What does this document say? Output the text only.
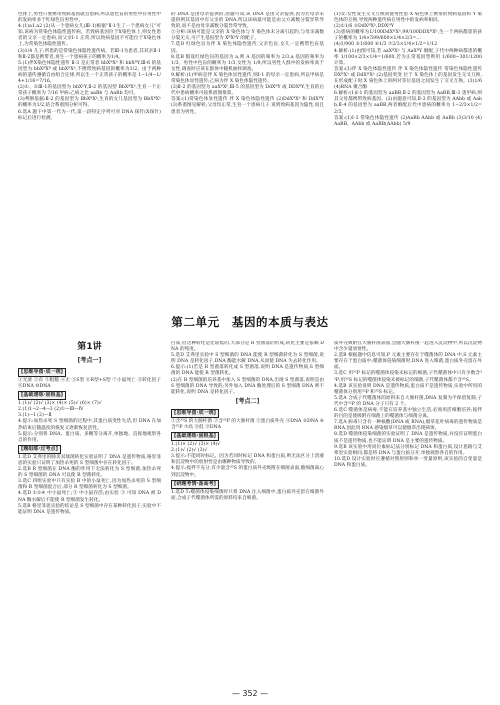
色体上,男性只要携带致病基因就会患病,所以患色盲的男性中有男性中的发病率多于红绿色盲男性中。

4.(1)a1,a2 (2)从一个患病女儿(Ⅲ-1)根据"Ⅱ-1生了一个患病女儿"可知,该病为常染色体隐性遗传病。若致病基因位于X染色体上,则女性患者的父亲一定患病,而父亲Ⅰ-1 正常,所以致病基因不可能位于X染色体上,为常染色体隐性遗传。

(3)1/4 儿子;所患的是常染色体隐性遗传病。若Ⅲ-1为患者,其双亲Ⅱ-1和Ⅱ-2都是携带者,再生一个患病孩子的概率为1/4。

5.(1)伴X染色体隐性遗传 Ⅱ-3 是正常者 bbXᴮXᵇ 和 bbXᴮY,Ⅲ-6 的基因型为 bbXᴮXᴮ 或 bbXᴮXᵇ,不携带致病基因的概率为1/2。由于两种病的遗传遵循自由组合定律,所以生一个正常孩子的概率是 1−1/4−1/4+1/16=7/16。

(2)①、②Ⅲ-1的基因型为 bbXᵇY,Ⅱ-2 的基因型 BbXᴮXᵇ,生育一个正常孩子概率为 7/16 甲病:乙病之比 aaBb 与 AaBb 均可。

(3)判断依据:Ⅱ-2 的基因型为 BbXᴮXᵇ,生育的女儿基因型为 BbXᴮXᵇ 的概率为1/2,结合系谱图分析可得。

6.选A 题干中第一代为一代,第一段特定序列可对 DNA 探针(X探针)标记后进行检测。

的 DNA 是由母亲提供的,由题可知,该 DNA 是由父亲提供,因为若母亲未提供则其基因中有父亲的 DNA,所以该病最可能是由父方减数分裂异常导致的,而不是由母亲减数分裂异常导致。

⑤分析:该病可能是父亲的 X 染色体与 Y 染色体未分离引起的,与母亲减数分裂无关,可产生基因型为 XᴮXᵇY 的配子。

7.选D 红绿色盲为伴 X 染色体隐性遗传,父亲色盲,女儿一定携带色盲基因。

8.选B 假设红绿色盲的基因为 a,则 A 基因的频率为 2/3,a 基因的频率为 1/3。男性中色盲的概率为 1/3,女性为 1/9,所以男性人群中的发病率高于女性,调查时应该在群体中随机抽样调查。

9.解析:(1)甲病是伴 X 染色体显性遗传,则Ⅰ-1 的母亲一定患病,所以甲病是常染色体显性遗传;乙病为伴 X 染色体隐性遗传。

(2)Ⅱ-2 的基因型为 aaXᴮXᵇ,Ⅲ-5 的基因型为 DdXᴮY 或 DDXᴮY,生育的后代中患病概率可按系谱图推算。

答案:(1)常染色体显性遗传 伴 X 染色体隐性遗传 (2)DdXᴮXᵇ 和 DdXᴮY (3)系谱图见解析;父母均正常,生育一个患病儿子,说明致病基因为隐性,而且患者为男性。

(1)女:女性发生交叉互换而使男性患 X 染色体上携带的致病基因和 Y 染色体的互换,导致两种遗传病在男性中的发病率相同。

(2)①1/6 ②DdXᴴXʰ,DDXᴴY

(3)患病的概率为1/100DdXᴴXʰ,99/100DDXᴴXʰ,生一个两病都患的孩子的概率为 1/4×599/600×1/4×2/3=...

(4)1/900 ⑤1/600 ⑥1/3 ⑦2/3×1/4×1/2=1/12

4.解析:(1)由图可知,若 aaXᴮXᵇ 与 AaXᴮY 婚配,子代中两种病都患的概率 1/100×2/3×1/4=1/600,若为正常基因型则用 1/600−301/1200 计算。

答案:(1)伴 X 染色体隐性遗传 伴 X 染色体隐性遗传 常染色体隐性遗传 DXᴴXʰ 或 DdXᴴXʰ (2)基因突变 位于 X 染色体上的基因发生交叉互换,在形成配子时,X 染色体上的两对等位基因之间发生了交叉互换。(3)1/6 (4)RNA 聚合酶

6.解析:(1)Ⅰ-1 的基因型为 aaBB,Ⅱ-2 的基因型为 AaBB,Ⅲ-3 患甲病,则其父母都携带致病基因。(2)由题意可知,Ⅱ-3 的基因型为 AAbb 或 Aabb,Ⅱ-4 的基因型为 aaBB,两者婚配后代中患病的概率为 1−2/3×1/2=2/3。

答案:(1)Ⅰ-3 常染色体隐性遗传 (2)AaBb AAbb 或 AaBb (3)3/10 (4)AaBB、AAbb 或 AaBB(AAbb) 5/9

第二单元　基因的本质与表达
第1讲
[考点一]
[思维导图·成一统]

①光滑 ②有 ③粗糙 ④无 ⑤S型 ⑥R型+S型 ⑦小鼠死亡 ⑧转化因子 ⑨DNA ⑩DNA

[基础速练·固根基]

1.(1)√ (2)√ (3)× (4)× (5)√ (6)× (7)√
2.(1)1→2→4→3 (2)①—Ⅲ—Ⅳ
3.(1)—Ⅰ (2)—Ⅱ
4.提示:加热杀死 S 型细菌的过程中,其蛋白质变性失活,但 DNA 在加热结束后随温度的恢复又逐渐恢复活性。
5.提示:分别将 DNA、蛋白质、多糖等分离开,单独地、直接地观察各自的作用。

[题组练·过考点]

1.选D 艾弗里的肺炎双球菌转化实验证明了 DNA 是遗传物质,格里菲思的实验只证明了加热杀死的 S 型细菌中存在转化因子。
2.选B R 型细菌在 DNA 酶的作用下无法转化为 S 型细菌,加热杀死的 S 型细菌的 DNA 可以使 R 型菌转化。
3.选C 四组实验中只有实验 B 中的小鼠死亡,因为加热杀死的 S 型细菌和 R 型细菌混合后,部分 R 型细菌转化为 S 型细菌。
4.选D ①②④ 中小鼠死亡;③ 中小鼠存活;由实验 ③ 可知 DNA 被 DNA 酶水解后不能使 R 型细菌发生转化。
5.选B 格里菲思实验的结论是 S 型细菌中存在某种转化因子,实验中不能证明 DNA 是遗传物质。

白质,但这种转化是比较低的,大部分是 R 型菌落的形成,转化主要是依赖 DNA 的纯度。

5.选D 艾弗里实验中 S 型细菌的 DNA 能使 R 型细菌转化为 S 型细菌,说明 DNA 是转化因子,DNA 酶能水解 DNA,从而使 DNA 失去转化作用。

6.提示:(1)若是 R 型菌落转化成 S 型菌落,说明 DNA 是遗传物质;S 型细菌的 DNA 能使 R 型菌转化。

(2)在 R 型细菌的培养基中加入 S 型细菌的 DNA,出现 S 型菌落,说明是由 S 型细菌的 DNA 导致的;另外加入 DNA 酶处理后的 S 型细菌 DNA 则不能转化,说明 DNA 是转化因子。

[考点二]
[思维导图·成一统]

①含³⁵S 的大肠杆菌 ②含³²P 的大肠杆菌 ③蛋白质外壳 ④DNA ⑤DNA ⑥含³²P ⑦高 ⑧低 ⑨DNA

[基础速练·固根基]

1.(1)× (2)√ (3)× (4)√
2.(1)√ (2)√ (3)√
3.提示:不能同时标记。因为若同时标记 DNA 和蛋白质,则无法区分上清液和沉淀物中的放射性是由哪种物质导致的。
4.提示:搅拌不充分,有少量含³⁵S 的蛋白质外壳吸附在细菌表面,随细菌离心到沉淀物中。

[研题考情·备高考]

1.选D T₂噬菌体侵染细菌时只将 DNA 注入细菌中,蛋白质外壳留在细菌外面,合成子代噬菌体所需的原料均来自细菌。

质外壳吸附在大肠杆菌表面,会随大肠杆菌一起进入沉淀物中,所以沉淀物中含少量放射性。

2.选B 根据题中信息可知,P 元素主要存在于噬菌体的 DNA 中,S 元素主要存在于蛋白质中;噬菌体侵染细菌时,DNA 进入细菌,蛋白质外壳留在外面。

3.选C 用³²P 标记的噬菌体侵染未标记的细菌,子代噬菌体中只有少数含³²P;用³⁵S 标记的噬菌体侵染未被标记的细菌,子代噬菌体都不含³⁵S。

4.选B 该实验说明 DNA 是遗传物质,蛋白质不是遗传物质,实验中所用的噬菌体分别用³²P 和³⁵S 标记。

5.选A 合成子代噬菌体的原料来自大肠杆菌,DNA 复制为半保留复制,子代中含³²P 的 DNA 分子只有 2 个。

6.选C 噬菌体是病毒,不能在培养基中独立生活,必须用活细胞培养;搅拌的目的是使吸附在细菌上的噬菌体与细菌分离。

7.选A 病毒只含有一种核酸(DNA 或 RNA),烟草花叶病毒的遗传物质是 RNA,因此用 RNA 感染烟草可以使烟草出现病斑。

8.选D 噬菌体侵染细菌的实验证明了 DNA 是遗传物质,并没有证明蛋白质不是遗传物质,也不能证明 DNA 是主要的遗传物质。

9.选B 该实验中用同位素标记法分别标记 DNA 和蛋白质,设计思路与艾弗里实验相同,都是将 DNA 与蛋白质分开,单独观察各自的作用。

10.选D 设计实验时应遵循对照原则和单一变量原则,该实验的自变量是 DNA 和蛋白质。

— 352 —
